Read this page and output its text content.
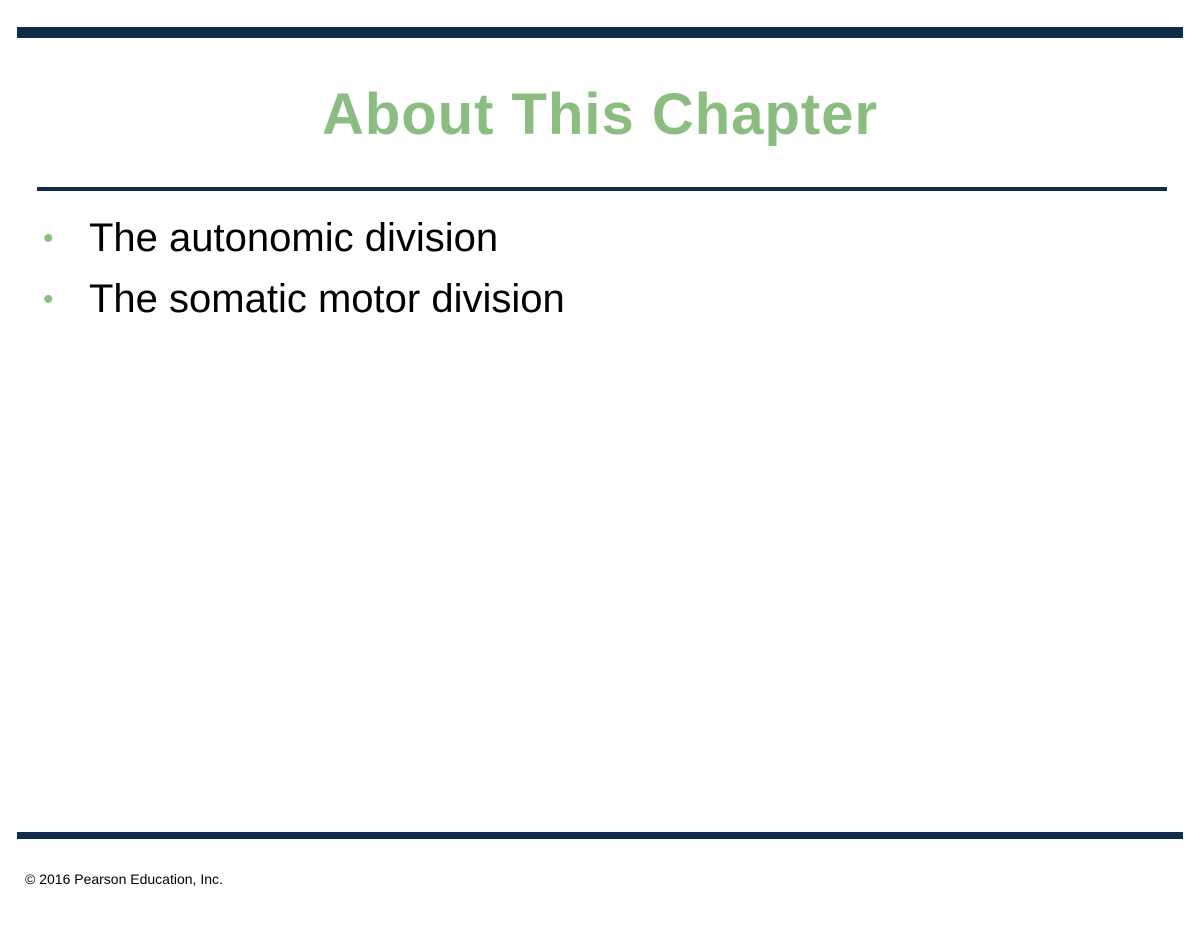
About This Chapter
• The autonomic division
• The somatic motor division
© 2016 Pearson Education, Inc.
